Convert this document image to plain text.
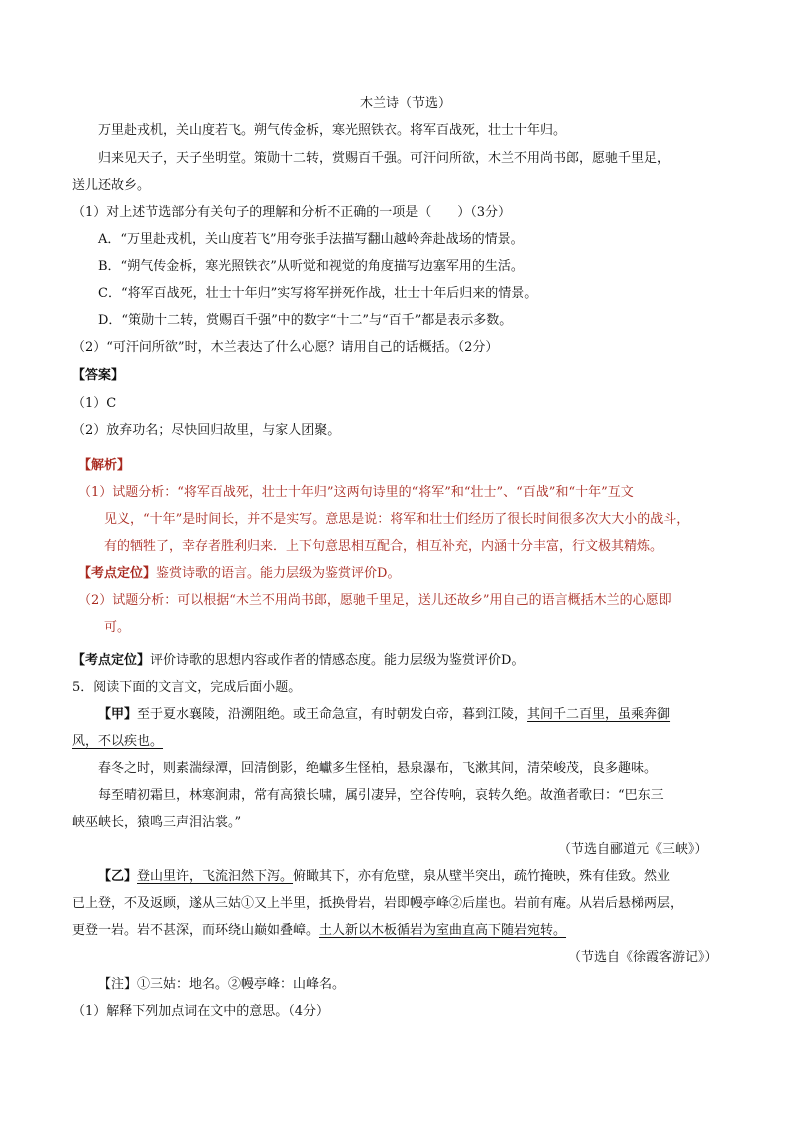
木兰诗（节选）
万里赴戎机，关山度若飞。朔气传金柝，寒光照铁衣。将军百战死，壮士十年归。
归来见天子，天子坐明堂。策勋十二转，赏赐百千强。可汗问所欲，木兰不用尚书郎，愿驰千里足，
送儿还故乡。
（1）对上述节选部分有关句子的理解和分析不正确的一项是（　　）（3分）
A．“万里赴戎机，关山度若飞”用夸张手法描写翻山越岭奔赴战场的情景。
B．“朔气传金柝，寒光照铁衣”从听觉和视觉的角度描写边塞军用的生活。
C．“将军百战死，壮士十年归”实写将军拼死作战，壮士十年后归来的情景。
D．“策勋十二转，赏赐百千强”中的数字“十二”与“百千”都是表示多数。
（2）“可汗问所欲”时，木兰表达了什么心愿？请用自己的话概括。（2分）
【答案】
（1）C
（2）放弃功名；尽快回归故里，与家人团聚。
【解析】
（1）试题分析：“将军百战死，壮士十年归”这两句诗里的“将军”和“壮士”、“百战”和“十年”互文
见义，“十年”是时间长，并不是实写。意思是说：将军和壮士们经历了很长时间很多次大大小的战斗，
有的牺牲了，幸存者胜利归来．上下句意思相互配合，相互补充，内涵十分丰富，行文极其精炼。
【考点定位】鉴赏诗歌的语言。能力层级为鉴赏评价D。
（2）试题分析：可以根据“木兰不用尚书郎，愿驰千里足，送儿还故乡”用自己的语言概括木兰的心愿即
可。
【考点定位】评价诗歌的思想内容或作者的情感态度。能力层级为鉴赏评价D。
5．阅读下面的文言文，完成后面小题。
【甲】至于夏水襄陵，沿溯阻绝。或王命急宣，有时朝发白帝，暮到江陵，其间千二百里，虽乘奔御
风，不以疾也。
春冬之时，则素湍绿潭，回清倒影，绝巘多生怪柏，悬泉瀑布，飞漱其间，清荣峻茂，良多趣味。
每至晴初霜旦，林寒涧肃，常有高猿长啸，属引凄异，空谷传响，哀转久绝。故渔者歌曰：“巴东三
峡巫峡长，猿鸣三声泪沾裳。”
（节选自郦道元《三峡》）
【乙】登山里许，飞流汩然下泻。俯瞰其下，亦有危壁，泉从壁半突出，疏竹掩映，殊有佳致。然业
已上登，不及返顾，遂从三姑①又上半里，抵换骨岩，岩即幔亭峰②后崖也。岩前有庵。从岩后悬梯两层，
更登一岩。岩不甚深，而环绕山巅如叠嶂。土人新以木板循岩为室曲直高下随岩宛转。
（节选自《徐霞客游记》）
【注】①三姑：地名。②幔亭峰：山峰名。
（1）解释下列加点词在文中的意思。（4分）
